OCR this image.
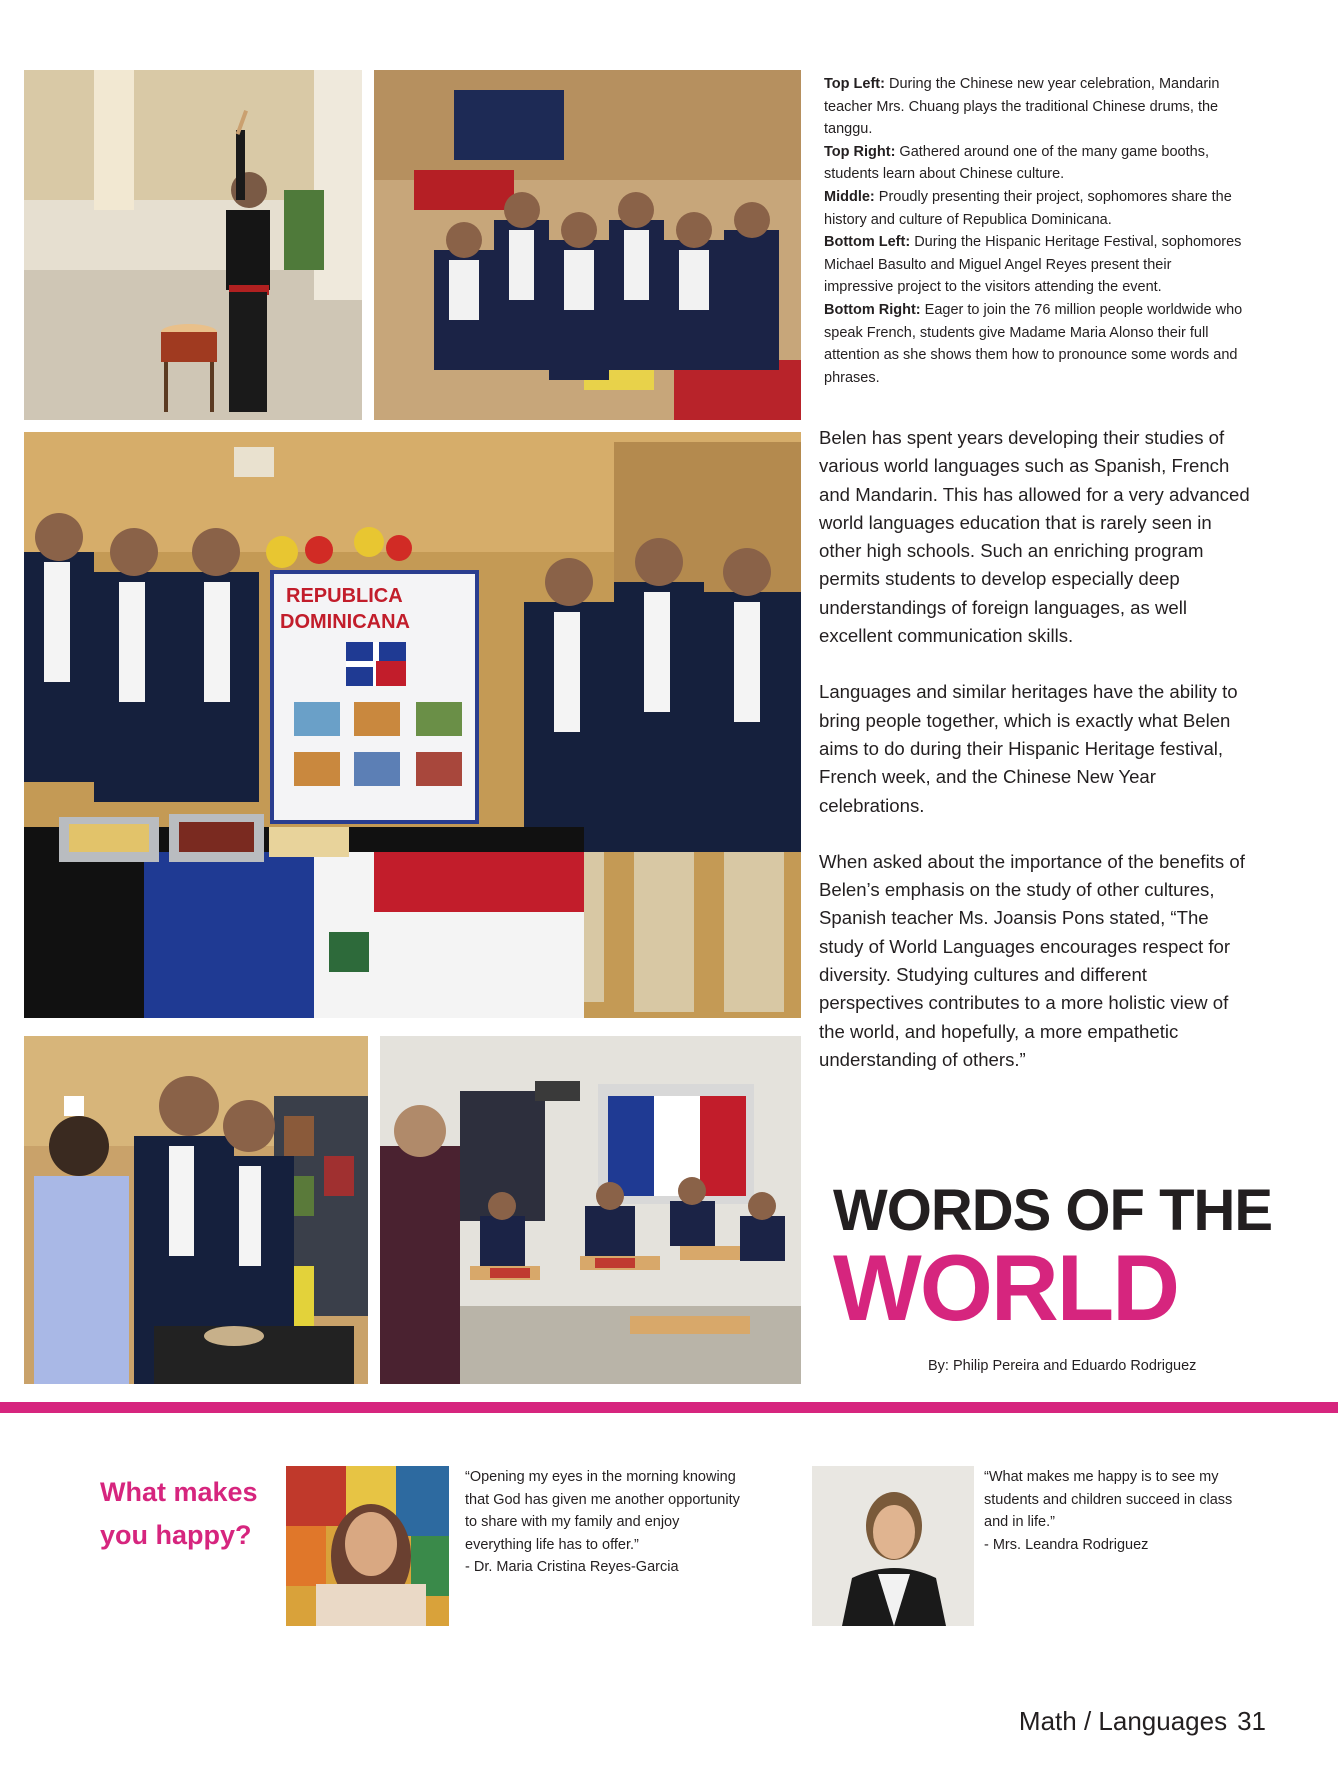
REPUBLICA
DOMINICANA

Top Left: During the Chinese new year celebration, Mandarin teacher Mrs. Chuang plays the traditional Chinese drums, the tanggu.

Top Right: Gathered around one of the many game booths, students learn about Chinese culture.

Middle: Proudly presenting their project, sophomores share the history and culture of Republica Dominicana.

Bottom Left: During the Hispanic Heritage Festival, sophomores Michael Basulto and Miguel Angel Reyes present their impressive project to the visitors attending the event.

Bottom Right: Eager to join the 76 million people worldwide who speak French, students give Madame Maria Alonso their full attention as she shows them how to pronounce some words and phrases.

Belen has spent years developing their studies of various world languages such as Spanish, French and Mandarin. This has allowed for a very advanced world languages education that is rarely seen in other high schools. Such an enriching program permits students to develop especially deep understandings of foreign languages, as well excellent communication skills.

Languages and similar heritages have the ability to bring people together, which is exactly what Belen aims to do during their Hispanic Heritage festival, French week, and the Chinese New Year celebrations.

When asked about the importance of the benefits of Belen’s emphasis on the study of other cultures, Spanish teacher Ms. Joansis Pons stated, “The study of World Languages encourages respect for diversity. Studying cultures and different perspectives contributes to a more holistic view of the world, and hopefully, a more empathetic understanding of others.”

WORDS OF THE
WORLD
By: Philip Pereira and Eduardo Rodriguez
What makes you happy?

“Opening my eyes in the morning knowing that God has given me another opportunity to share with my family and enjoy everything life has to offer.”

- Dr. Maria Cristina Reyes-Garcia

“What makes me happy is to see my students and children succeed in class and in life.”

- Mrs. Leandra Rodriguez

Math / Languages 31
